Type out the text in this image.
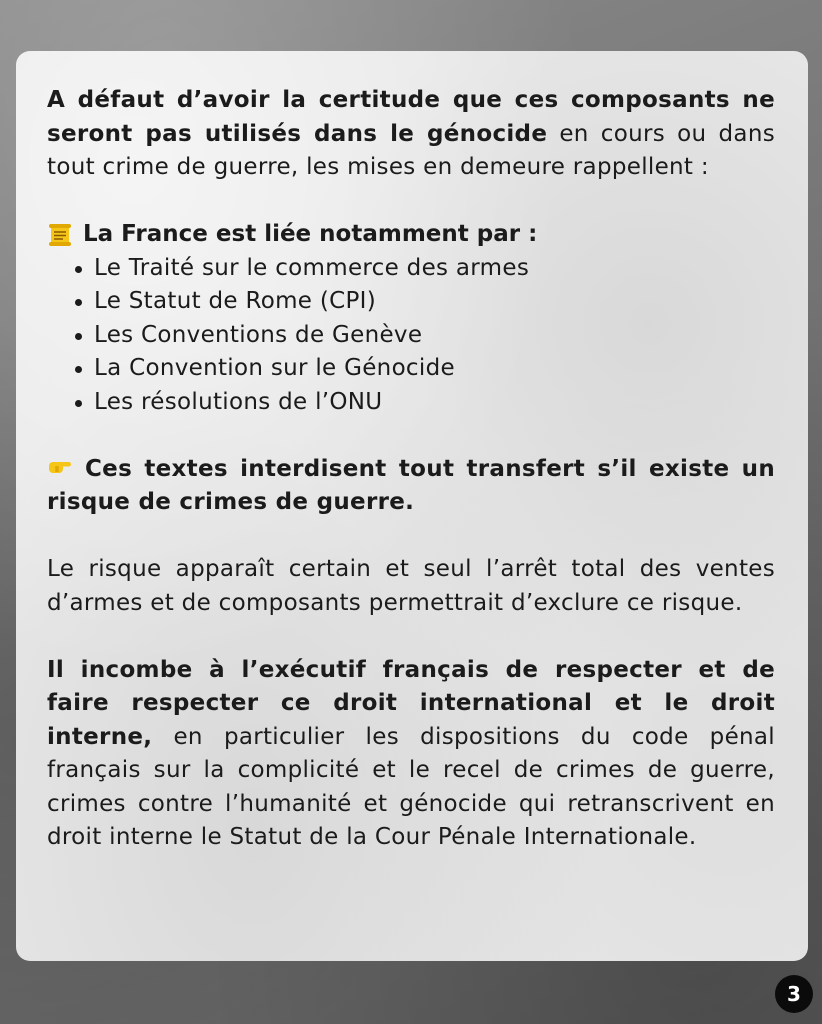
A défaut d’avoir la certitude que ces composants ne seront pas utilisés dans le génocide en cours ou dans tout crime de guerre, les mises en demeure rappellent :

La France est liée notamment par :
Le Traité sur le commerce des armes
Le Statut de Rome (CPI)
Les Conventions de Genève
La Convention sur le Génocide
Les résolutions de l’ONU

Ces textes interdisent tout transfert s’il existe un risque de crimes de guerre.

Le risque apparaît certain et seul l’arrêt total des ventes d’armes et de composants permettrait d’exclure ce risque.

Il incombe à l’exécutif français de respecter et de faire respecter ce droit international et le droit interne, en particulier les dispositions du code pénal français sur la complicité et le recel de crimes de guerre, crimes contre l’humanité et génocide qui retranscrivent en droit interne le Statut de la Cour Pénale Internationale.

3
